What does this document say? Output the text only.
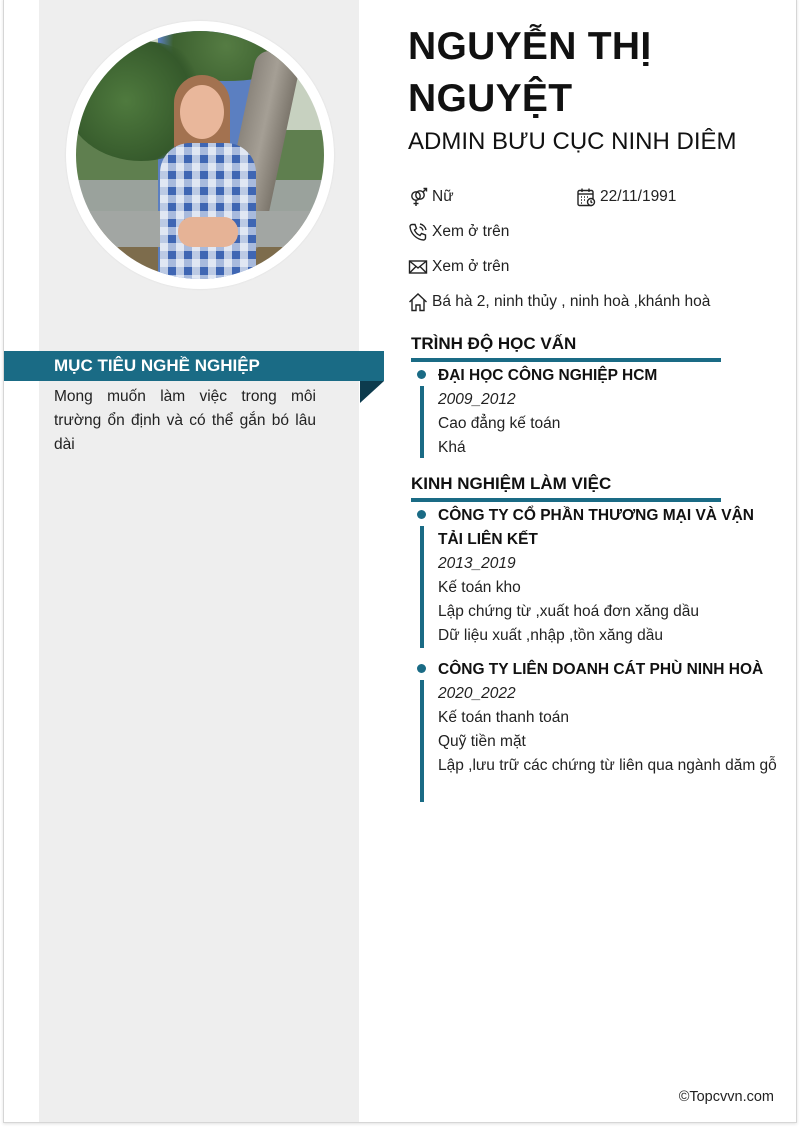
MỤC TIÊU NGHỀ NGHIỆP
Mong muốn làm việc trong môi trường ổn định và có thể gắn bó lâu dài
NGUYỄN THỊ NGUYỆT
ADMIN BƯU CỤC NINH DIÊM
Nữ	22/11/1991
Xem ở trên
Xem ở trên
Bá hà 2, ninh thủy , ninh hoà ,khánh hoà
TRÌNH ĐỘ HỌC VẤN
ĐẠI HỌC CÔNG NGHIỆP HCM
2009_2012
Cao đẳng kế toán
Khá
KINH NGHIỆM LÀM VIỆC
CÔNG TY CỔ PHẦN THƯƠNG MẠI VÀ VẬN TẢI LIÊN KẾT
2013_2019
Kế toán kho
Lập chứng từ ,xuất hoá đơn xăng dầu
Dữ liệu xuất ,nhập ,tồn xăng dầu
CÔNG TY LIÊN DOANH CÁT PHÙ NINH HOÀ
2020_2022
Kế toán thanh toán
Quỹ tiền mặt
Lập ,lưu trữ các chứng từ liên qua ngành dăm gỗ
©Topcvvn.com
